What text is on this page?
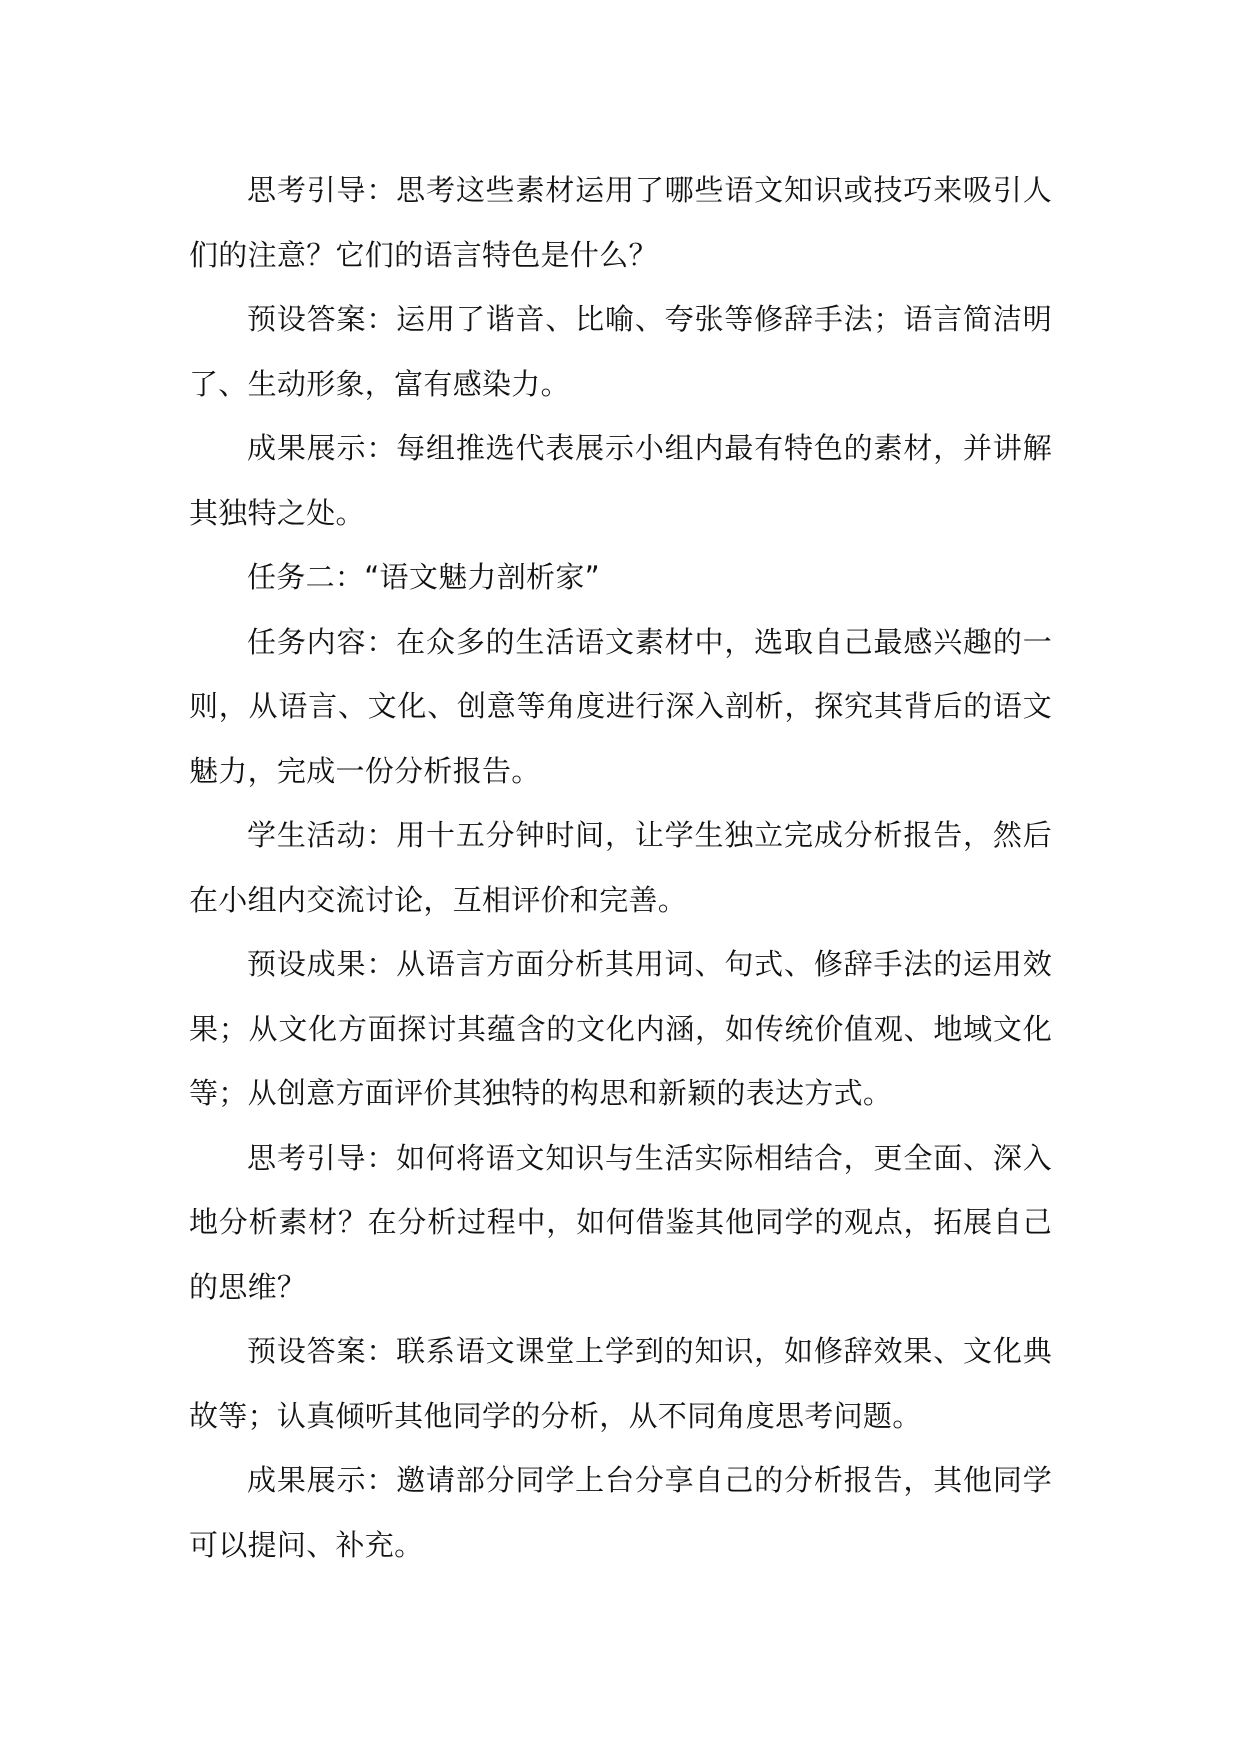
思考引导：思考这些素材运用了哪些语文知识或技巧来吸引人们的注意？它们的语言特色是什么？

预设答案：运用了谐音、比喻、夸张等修辞手法；语言简洁明了、生动形象，富有感染力。

成果展示：每组推选代表展示小组内最有特色的素材，并讲解其独特之处。

任务二：“语文魅力剖析家”

任务内容：在众多的生活语文素材中，选取自己最感兴趣的一则，从语言、文化、创意等角度进行深入剖析，探究其背后的语文魅力，完成一份分析报告。

学生活动：用十五分钟时间，让学生独立完成分析报告，然后在小组内交流讨论，互相评价和完善。

预设成果：从语言方面分析其用词、句式、修辞手法的运用效果；从文化方面探讨其蕴含的文化内涵，如传统价值观、地域文化等；从创意方面评价其独特的构思和新颖的表达方式。

思考引导：如何将语文知识与生活实际相结合，更全面、深入地分析素材？在分析过程中，如何借鉴其他同学的观点，拓展自己的思维？

预设答案：联系语文课堂上学到的知识，如修辞效果、文化典故等；认真倾听其他同学的分析，从不同角度思考问题。

成果展示：邀请部分同学上台分享自己的分析报告，其他同学可以提问、补充。
